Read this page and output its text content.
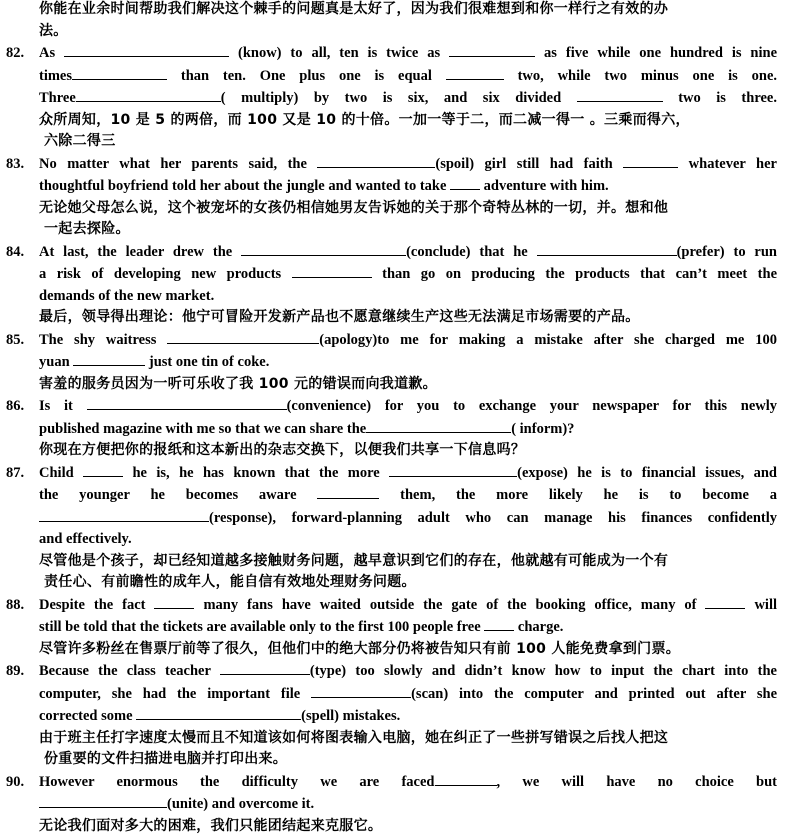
你能在业余时间帮助我们解决这个棘手的问题真是太好了，因为我们很难想到和你一样行之有效的办
法。
82. As	(know) to all, ten is twice as	as five while one hundred is nine
times	than ten. One plus one is equal	two, while two minus one is one.
Three	( multiply) by two is six, and six divided	two is three.
众所周知，10 是 5 的两倍，而 100 又是 10 的十倍。一加一等于二，而二减一得一 。三乘而得六，
六除二得三
83. No matter what her parents said, the	(spoil) girl still had faith	whatever her
thoughtful boyfriend told her about the jungle and wanted to take	adventure with him.
无论她父母怎么说，这个被宠坏的女孩仍相信她男友告诉她的关于那个奇特丛林的一切，并。想和他
一起去探险。
84. At last, the leader drew the	(conclude) that he	(prefer) to run
a risk of developing new products	than go on producing the products that can’t meet the
demands of the new market.
最后，领导得出理论：他宁可冒险开发新产品也不愿意继续生产这些无法满足市场需要的产品。
85. The shy waitress	(apology)to me for making a mistake after she charged me 100
yuan	just one tin of coke.
害羞的服务员因为一听可乐收了我 100 元的错误而向我道歉。
86. Is it	(convenience) for you to exchange your newspaper for this newly
published magazine with me so that we can share the	( inform)?
你现在方便把你的报纸和这本新出的杂志交换下，以便我们共享一下信息吗？
87. Child	he is, he has known that the more	(expose) he is to financial issues, and
the younger he becomes aware	them, the more likely he is to become a
(response), forward-planning adult who can manage his finances confidently
and effectively.
尽管他是个孩子，却已经知道越多接触财务问题，越早意识到它们的存在，他就越有可能成为一个有
责任心、有前瞻性的成年人，能自信有效地处理财务问题。
88. Despite the fact	many fans have waited outside the gate of the booking office, many of	will
still be told that the tickets are available only to the first 100 people free	charge.
尽管许多粉丝在售票厅前等了很久，但他们中的绝大部分仍将被告知只有前 100 人能免费拿到门票。
89. Because the class teacher	(type) too slowly and didn’t know how to input the chart into the
computer, she had the important file	(scan) into the computer and printed out after she
corrected some	(spell) mistakes.
由于班主任打字速度太慢而且不知道该如何将图表输入电脑，她在纠正了一些拼写错误之后找人把这
份重要的文件扫描进电脑并打印出来。
90. However enormous the difficulty we are faced	, we will have no choice but
(unite) and overcome it.
无论我们面对多大的困难，我们只能团结起来克服它。
